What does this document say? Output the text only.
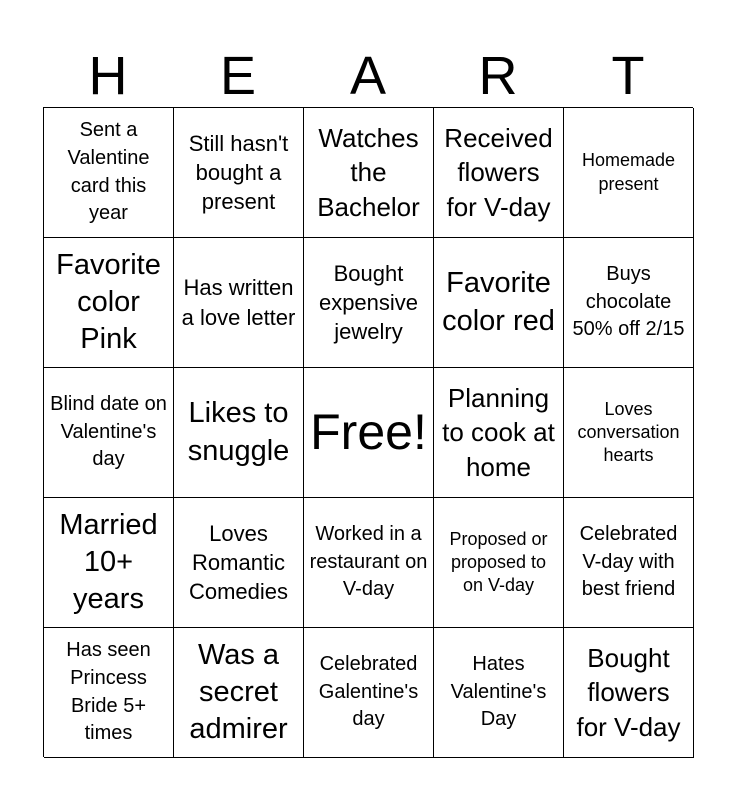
H	E	A	R	T
Sent a Valentine card this year
Still hasn't bought a present
Watches the Bachelor
Received flowers for V-day
Homemade present
Favorite color Pink
Has written a love letter
Bought expensive jewelry
Favorite color red
Buys chocolate 50% off 2/15
Blind date on Valentine's day
Likes to snuggle Free!
Planning to cook at home
Loves conversation hearts
Married 10+ years
Loves Romantic Comedies
Worked in a restaurant on V-day
Proposed or proposed to on V-day
Celebrated V-day with best friend
Has seen Princess Bride 5+ times
Was a secret admirer
Celebrated Galentine's day
Hates Valentine's Day
Bought flowers for V-day
